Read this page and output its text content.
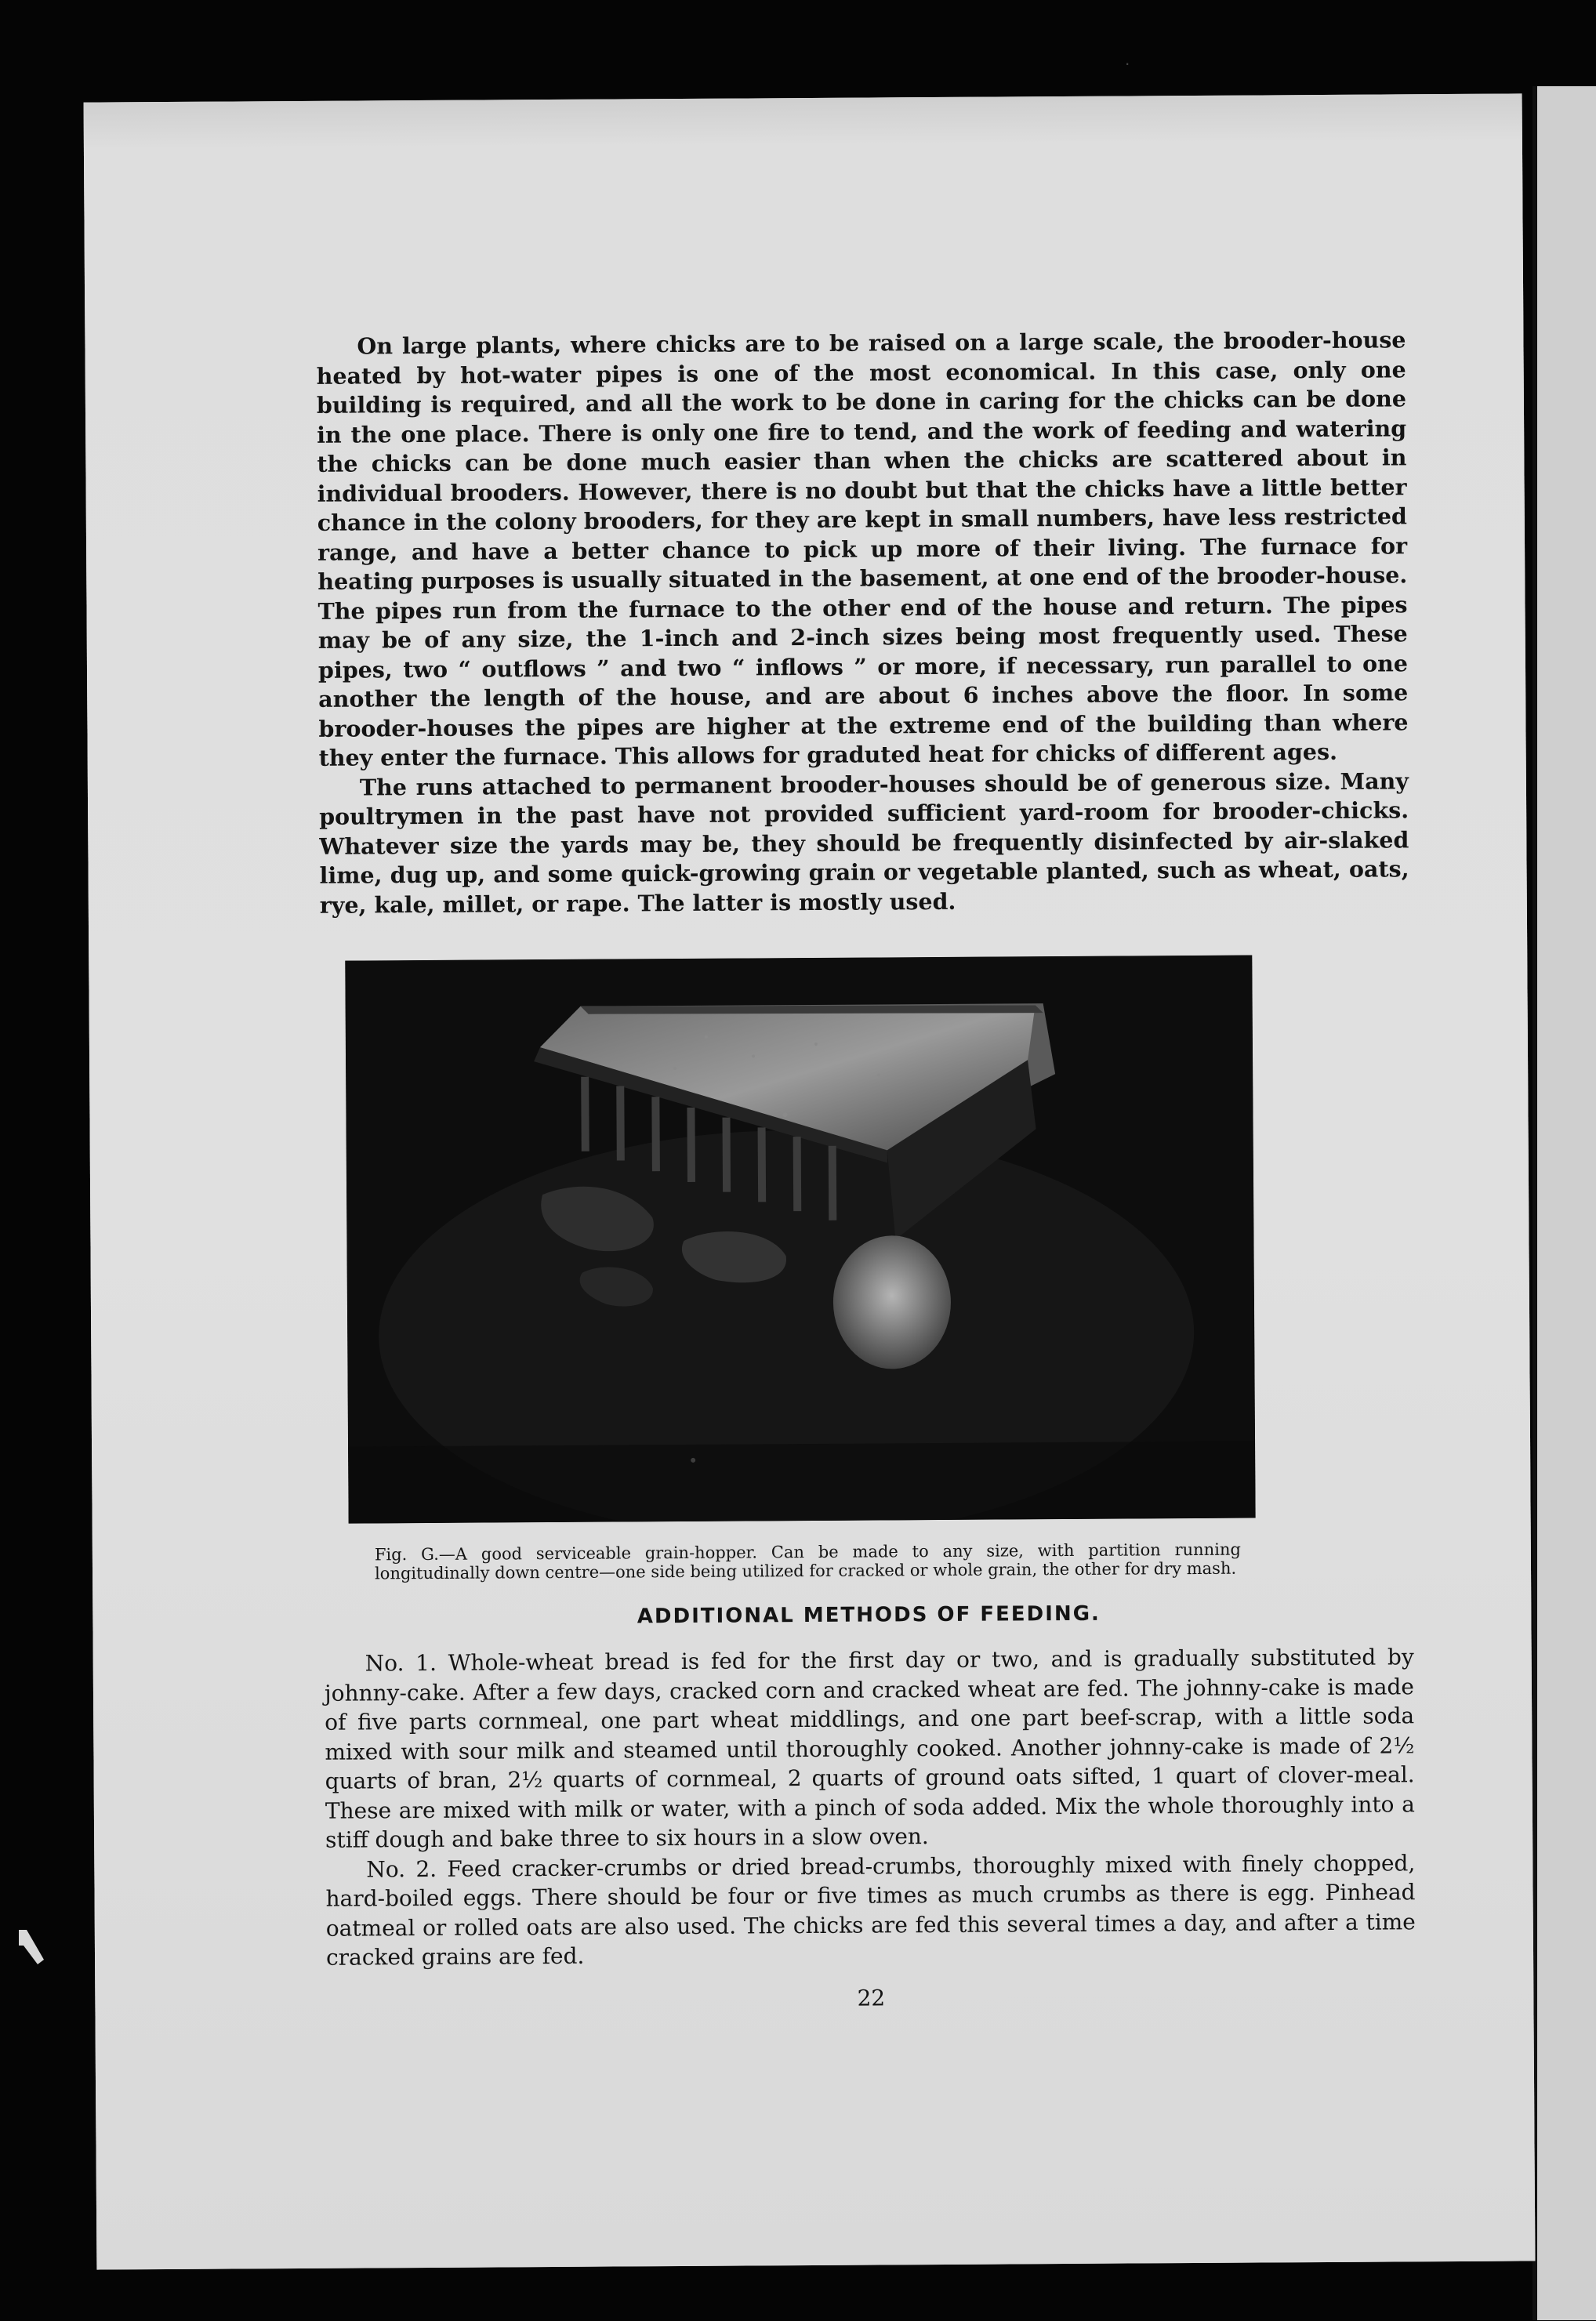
·

On large plants, where chicks are to be raised on a large scale, the brooder-house heated by hot-water pipes is one of the most economical. In this case, only one building is required, and all the work to be done in caring for the chicks can be done in the one place. There is only one fire to tend, and the work of feeding and watering the chicks can be done much easier than when the chicks are scattered about in individual brooders. However, there is no doubt but that the chicks have a little better chance in the colony brooders, for they are kept in small numbers, have less restricted range, and have a better chance to pick up more of their living. The furnace for heating purposes is usually situated in the basement, at one end of the brooder-house. The pipes run from the furnace to the other end of the house and return. The pipes may be of any size, the 1-inch and 2-inch sizes being most frequently used. These pipes, two “ outflows ” and two “ inflows ” or more, if necessary, run parallel to one another the length of the house, and are about 6 inches above the floor. In some brooder-houses the pipes are higher at the extreme end of the building than where they enter the furnace. This allows for graduted heat for chicks of different ages.

The runs attached to permanent brooder-houses should be of generous size. Many poultrymen in the past have not provided sufficient yard-room for brooder-chicks. Whatever size the yards may be, they should be frequently disinfected by air-slaked lime, dug up, and some quick-growing grain or vegetable planted, such as wheat, oats, rye, kale, millet, or rape. The latter is mostly used.

Fig. G.—A good serviceable grain-hopper. Can be made to any size, with partition running longitudinally down centre—one side being utilized for cracked or whole grain, the other for dry mash.

ADDITIONAL METHODS OF FEEDING.

No. 1. Whole-wheat bread is fed for the first day or two, and is gradually substituted by johnny-cake. After a few days, cracked corn and cracked wheat are fed. The johnny-cake is made of five parts cornmeal, one part wheat middlings, and one part beef-scrap, with a little soda mixed with sour milk and steamed until thoroughly cooked. Another johnny-cake is made of 2½ quarts of bran, 2½ quarts of cornmeal, 2 quarts of ground oats sifted, 1 quart of clover-meal. These are mixed with milk or water, with a pinch of soda added. Mix the whole thoroughly into a stiff dough and bake three to six hours in a slow oven.

No. 2. Feed cracker-crumbs or dried bread-crumbs, thoroughly mixed with finely chopped, hard-boiled eggs. There should be four or five times as much crumbs as there is egg. Pinhead oatmeal or rolled oats are also used. The chicks are fed this several times a day, and after a time cracked grains are fed.

22
